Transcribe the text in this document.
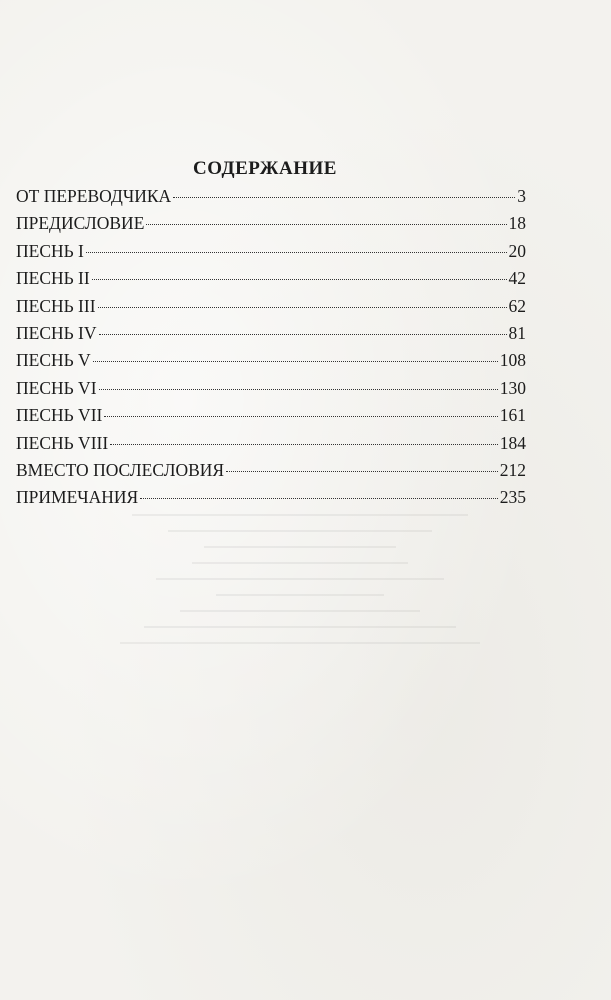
СОДЕРЖАНИЕ
ОТ ПЕРЕВОДЧИКА	3
ПРЕДИСЛОВИЕ	18
ПЕСНЬ I	20
ПЕСНЬ II	42
ПЕСНЬ III	62
ПЕСНЬ IV	81
ПЕСНЬ V	108
ПЕСНЬ VI	130
ПЕСНЬ VII	161
ПЕСНЬ VIII	184
ВМЕСТО ПОСЛЕСЛОВИЯ	212
ПРИМЕЧАНИЯ	235
